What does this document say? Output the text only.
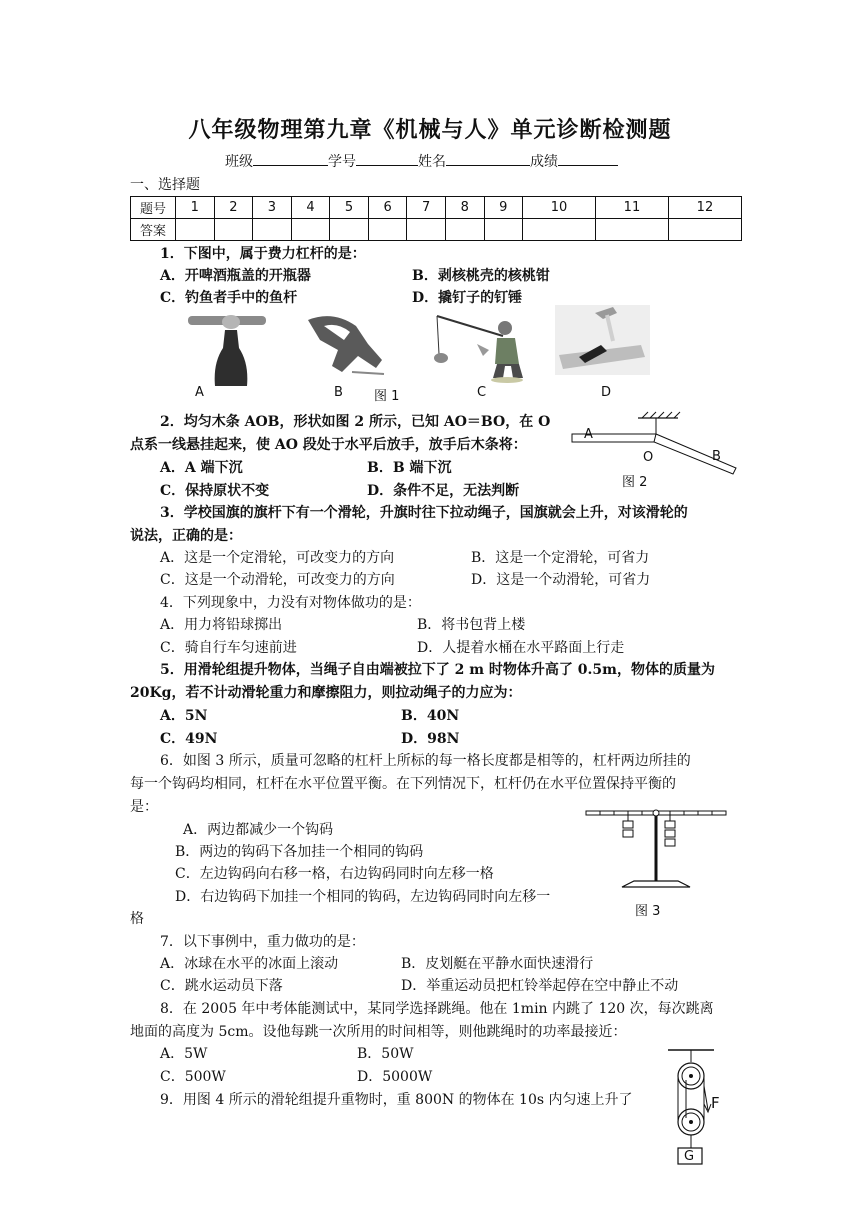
八年级物理第九章《机械与人》单元诊断检测题
班级	学号	姓名	成绩
一、选择题
题号	1	2	3	4	5	6	7	8	9	10	11	12
答案												
1．下图中，属于费力杠杆的是：
A．开啤酒瓶盖的开瓶器	B．剥核桃壳的核桃钳
C．钓鱼者手中的鱼杆	D．撬钉子的钉锤
A	B 图 1	C	D
2．均匀木条 AOB，形状如图 2 所示，已知 AO＝BO，在 O
点系一线悬挂起来，使 AO 段处于水平后放手，放手后木条将：
A．A 端下沉	B．B 端下沉
C．保持原状不变	D．条件不足，无法判断
A
O	B
图 2
3．学校国旗的旗杆下有一个滑轮，升旗时往下拉动绳子，国旗就会上升，对该滑轮的
说法，正确的是：
A．这是一个定滑轮，可改变力的方向	B．这是一个定滑轮，可省力
C．这是一个动滑轮，可改变力的方向	D．这是一个动滑轮，可省力
4．下列现象中，力没有对物体做功的是：
A．用力将铅球掷出	B．将书包背上楼
C．骑自行车匀速前进	D．人提着水桶在水平路面上行走
5．用滑轮组提升物体，当绳子自由端被拉下了 2 m 时物体升高了 0.5m，物体的质量为
20Kg，若不计动滑轮重力和摩擦阻力，则拉动绳子的力应为：
A．5N	B．40N
C．49N	D．98N
6．如图 3 所示，质量可忽略的杠杆上所标的每一格长度都是相等的，杠杆两边所挂的
每一个钩码均相同，杠杆在水平位置平衡。在下列情况下，杠杆仍在水平位置保持平衡的
是：
A．两边都减少一个钩码
B．两边的钩码下各加挂一个相同的钩码
C．左边钩码向右移一格，右边钩码同时向左移一格
D．右边钩码下加挂一个相同的钩码，左边钩码同时向左移一
格	图 3
7．以下事例中，重力做功的是：
A．冰球在水平的冰面上滚动	B．皮划艇在平静水面快速滑行
C．跳水运动员下落	D．举重运动员把杠铃举起停在空中静止不动
8．在 2005 年中考体能测试中，某同学选择跳绳。他在 1min 内跳了 120 次，每次跳离
地面的高度为 5cm。设他每跳一次所用的时间相等，则他跳绳时的功率最接近：
A．5W	B．50W
C．500W	D．5000W
9．用图 4 所示的滑轮组提升重物时，重 800N 的物体在 10s 内匀速上升了	F
G
